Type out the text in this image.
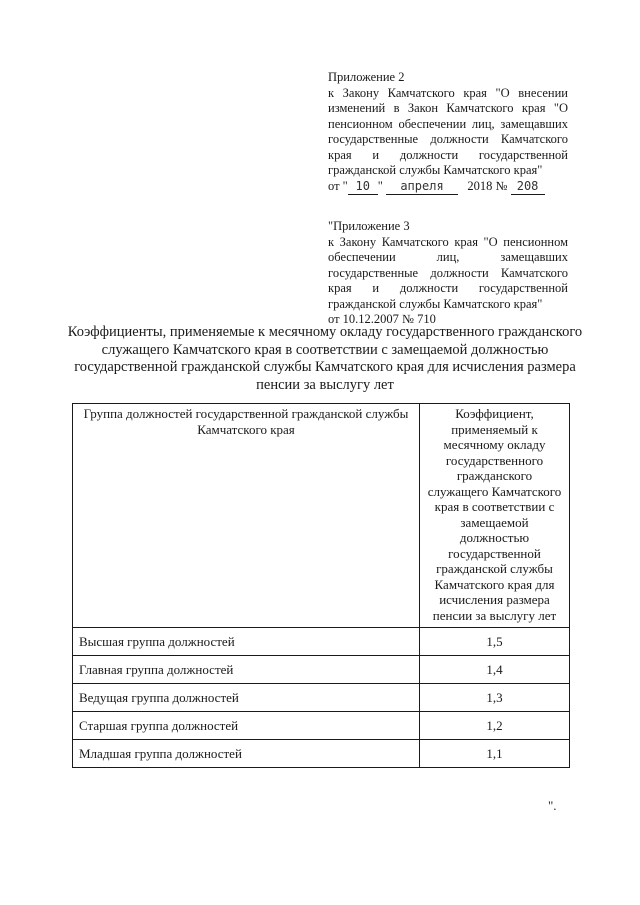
Приложение 2

к Закону Камчатского края "О внесении изменений в Закон Камчатского края "О пенсионном обеспечении лиц, замещавших государственные должности Камчатского края и должности государственной гражданской службы Камчатского края"

от " 10 " апреля 2018 № 208

"Приложение 3

к Закону Камчатского края "О пенсионном обеспечении лиц, замещавших государственные должности Камчатского края и должности государственной гражданской службы Камчатского края"

от 10.12.2007 № 710

Коэффициенты, применяемые к месячному окладу государственного гражданского служащего Камчатского края в соответствии с замещаемой должностью государственной гражданской службы Камчатского края для исчисления размера пенсии за выслугу лет
Группа должностей государственной гражданской службы Камчатского края	Коэффициент, применяемый к месячному окладу государственного гражданского служащего Камчатского края в соответствии с замещаемой должностью государственной гражданской службы Камчатского края для исчисления размера пенсии за выслугу лет
Высшая группа должностей	1,5
Главная группа должностей	1,4
Ведущая группа должностей	1,3
Старшая группа должностей	1,2
Младшая группа должностей	1,1
".
